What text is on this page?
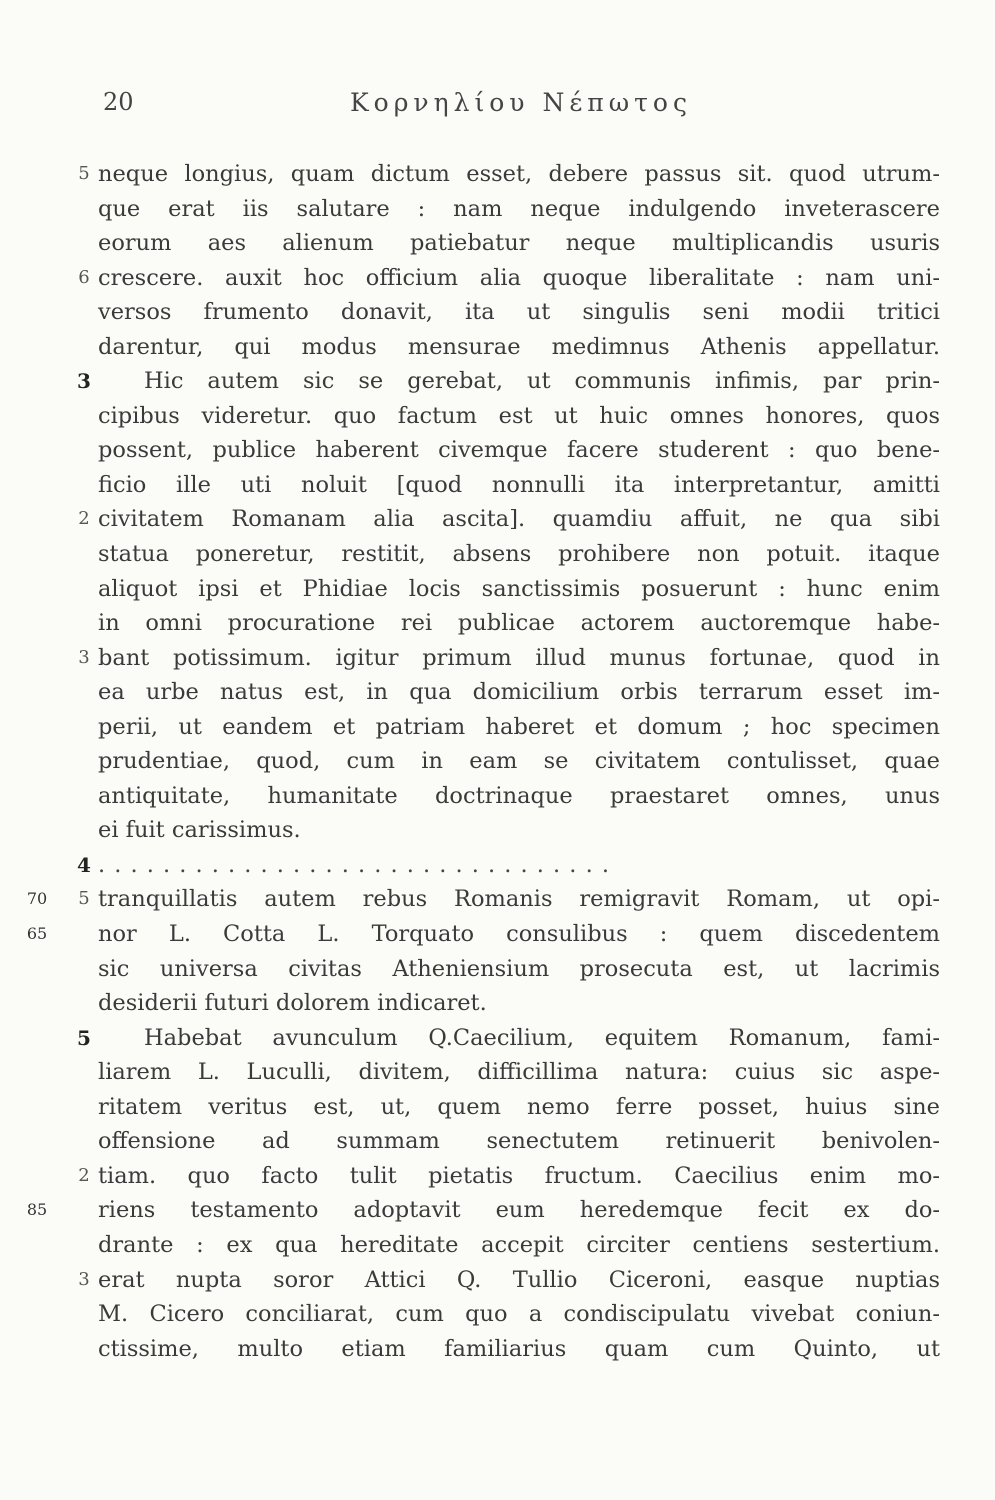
20	Κορνηλίου Νέπωτος
5 neque longius, quam dictum esset, debere passus sit. quod utrum-
que erat iis salutare : nam neque indulgendo inveterascere
eorum aes alienum patiebatur neque multiplicandis usuris
6 crescere. auxit hoc officium alia quoque liberalitate : nam uni-
versos frumento donavit, ita ut singulis seni modii tritici
darentur, qui modus mensurae medimnus Athenis appellatur.
3	Hic autem sic se gerebat, ut communis infimis, par prin-
cipibus videretur. quo factum est ut huic omnes honores, quos
possent, publice haberent civemque facere studerent : quo bene-
ficio ille uti noluit [quod nonnulli ita interpretantur, amitti
2 civitatem Romanam alia ascita]. quamdiu affuit, ne qua sibi
statua poneretur, restitit, absens prohibere non potuit. itaque
aliquot ipsi et Phidiae locis sanctissimis posuerunt : hunc enim
in omni procuratione rei publicae actorem auctoremque habe-
3 bant potissimum. igitur primum illud munus fortunae, quod in
ea urbe natus est, in qua domicilium orbis terrarum esset im-
perii, ut eandem et patriam haberet et domum ; hoc specimen
prudentiae, quod, cum in eam se civitatem contulisset, quae
antiquitate, humanitate doctrinaque praestaret omnes, unus
ei fuit carissimus.
4 ................................
70	5 tranquillatis autem rebus Romanis remigravit Romam, ut opi-
65	nor L. Cotta L. Torquato consulibus : quem discedentem
sic universa civitas Atheniensium prosecuta est, ut lacrimis
desiderii futuri dolorem indicaret.
5	Habebat avunculum Q.Caecilium, equitem Romanum, fami-
liarem L. Luculli, divitem, difficillima natura: cuius sic aspe-
ritatem veritus est, ut, quem nemo ferre posset, huius sine
offensione ad summam senectutem retinuerit benivolen-
2 tiam. quo facto tulit pietatis fructum. Caecilius enim mo-
85	riens testamento adoptavit eum heredemque fecit ex do-
drante : ex qua hereditate accepit circiter centiens sestertium.
3 erat nupta soror Attici Q. Tullio Ciceroni, easque nuptias
M. Cicero conciliarat, cum quo a condiscipulatu vivebat coniun-
ctissime, multo etiam familiarius quam cum Quinto, ut
